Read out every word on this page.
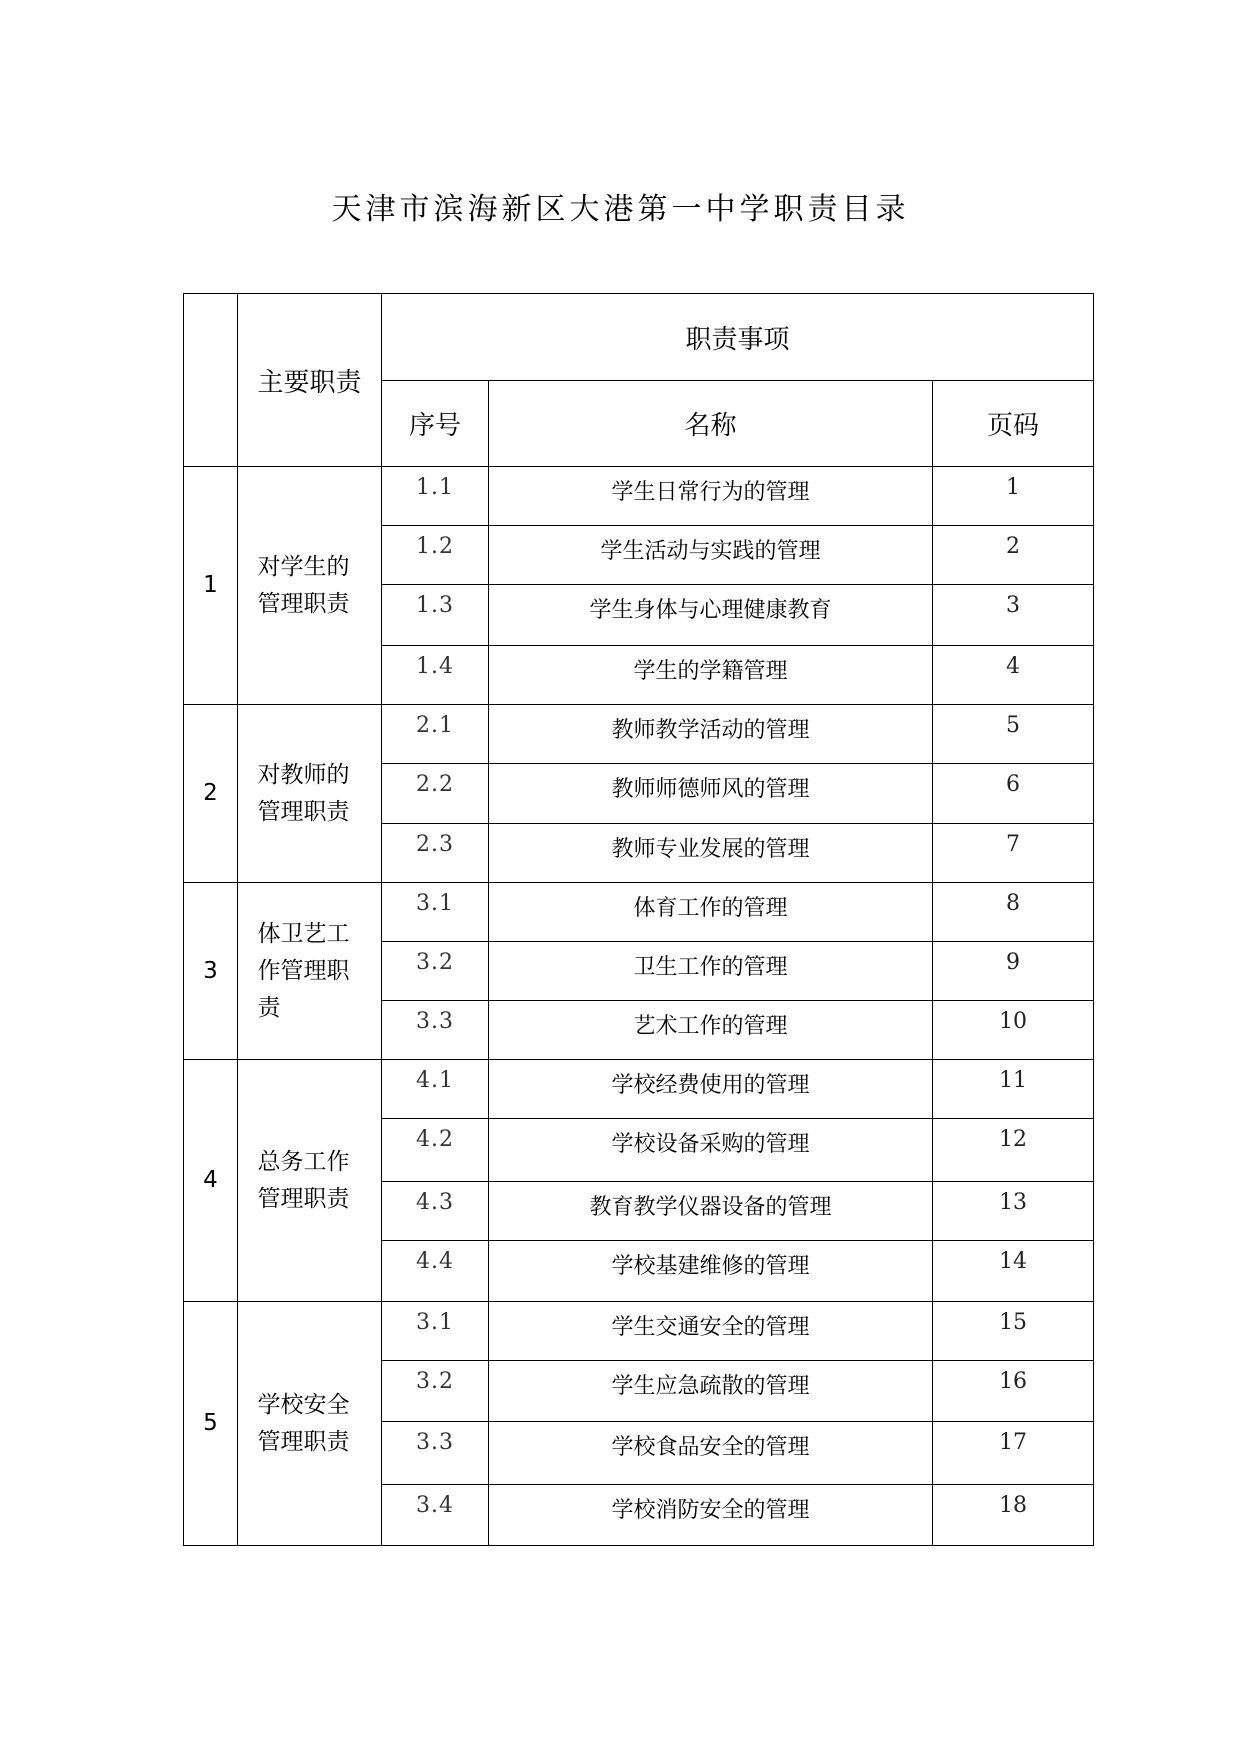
天津市滨海新区大港第一中学职责目录
	主要职责	职责事项		
		序号	名称	页码
1	对学生的管理职责	1.1	学生日常行为的管理	1
		1.2	学生活动与实践的管理	2
		1.3	学生身体与心理健康教育	3
		1.4	学生的学籍管理	4
2	对教师的管理职责	2.1	教师教学活动的管理	5
		2.2	教师师德师风的管理	6
		2.3	教师专业发展的管理	7
3	体卫艺工作管理职责	3.1	体育工作的管理	8
		3.2	卫生工作的管理	9
		3.3	艺术工作的管理	10
4	总务工作管理职责	4.1	学校经费使用的管理	11
		4.2	学校设备采购的管理	12
		4.3	教育教学仪器设备的管理	13
		4.4	学校基建维修的管理	14
5	学校安全管理职责	3.1	学生交通安全的管理	15
		3.2	学生应急疏散的管理	16
		3.3	学校食品安全的管理	17
		3.4	学校消防安全的管理	18
